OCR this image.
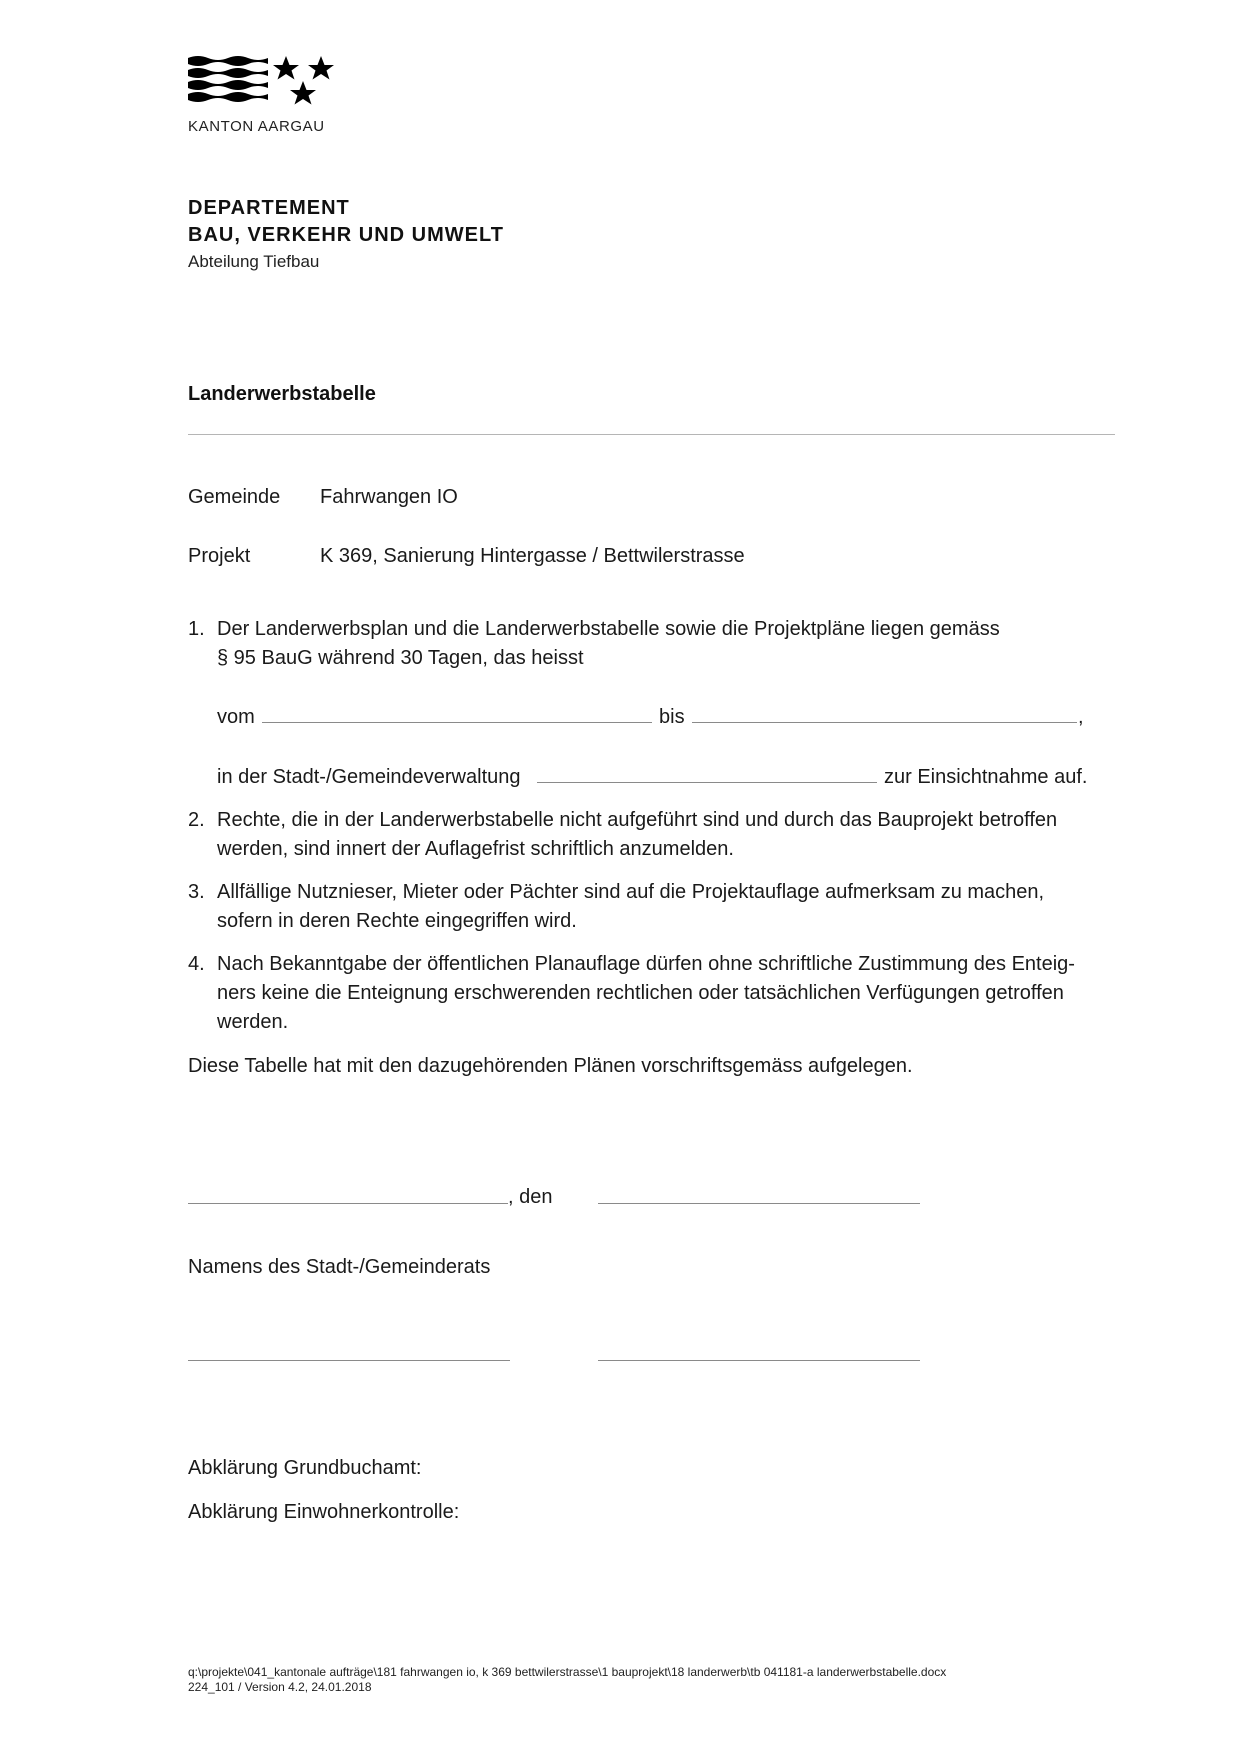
KANTON AARGAU
DEPARTEMENT
BAU, VERKEHR UND UMWELT
Abteilung Tiefbau
Landerwerbstabelle
Gemeinde Fahrwangen IO
Projekt	K 369, Sanierung Hintergasse / Bettwilerstrasse
1. Der Landerwerbsplan und die Landerwerbstabelle sowie die Projektpläne liegen gemäss
§ 95 BauG während 30 Tagen, das heisst
vom	bis	,
in der Stadt-/Gemeindeverwaltung	zur Einsichtnahme auf.
2. Rechte, die in der Landerwerbstabelle nicht aufgeführt sind und durch das Bauprojekt betroffen
werden, sind innert der Auflagefrist schriftlich anzumelden.
3. Allfällige Nutznieser, Mieter oder Pächter sind auf die Projektauflage aufmerksam zu machen,
sofern in deren Rechte eingegriffen wird.
4. Nach Bekanntgabe der öffentlichen Planauflage dürfen ohne schriftliche Zustimmung des Enteig-
ners keine die Enteignung erschwerenden rechtlichen oder tatsächlichen Verfügungen getroffen
werden.
Diese Tabelle hat mit den dazugehörenden Plänen vorschriftsgemäss aufgelegen.
, den
Namens des Stadt-/Gemeinderats
Abklärung Grundbuchamt:
Abklärung Einwohnerkontrolle:
q:\projekte\041_kantonale aufträge\181 fahrwangen io, k 369 bettwilerstrasse\1 bauprojekt\18 landerwerb\tb 041181-a landerwerbstabelle.docx
224_101 / Version 4.2, 24.01.2018
